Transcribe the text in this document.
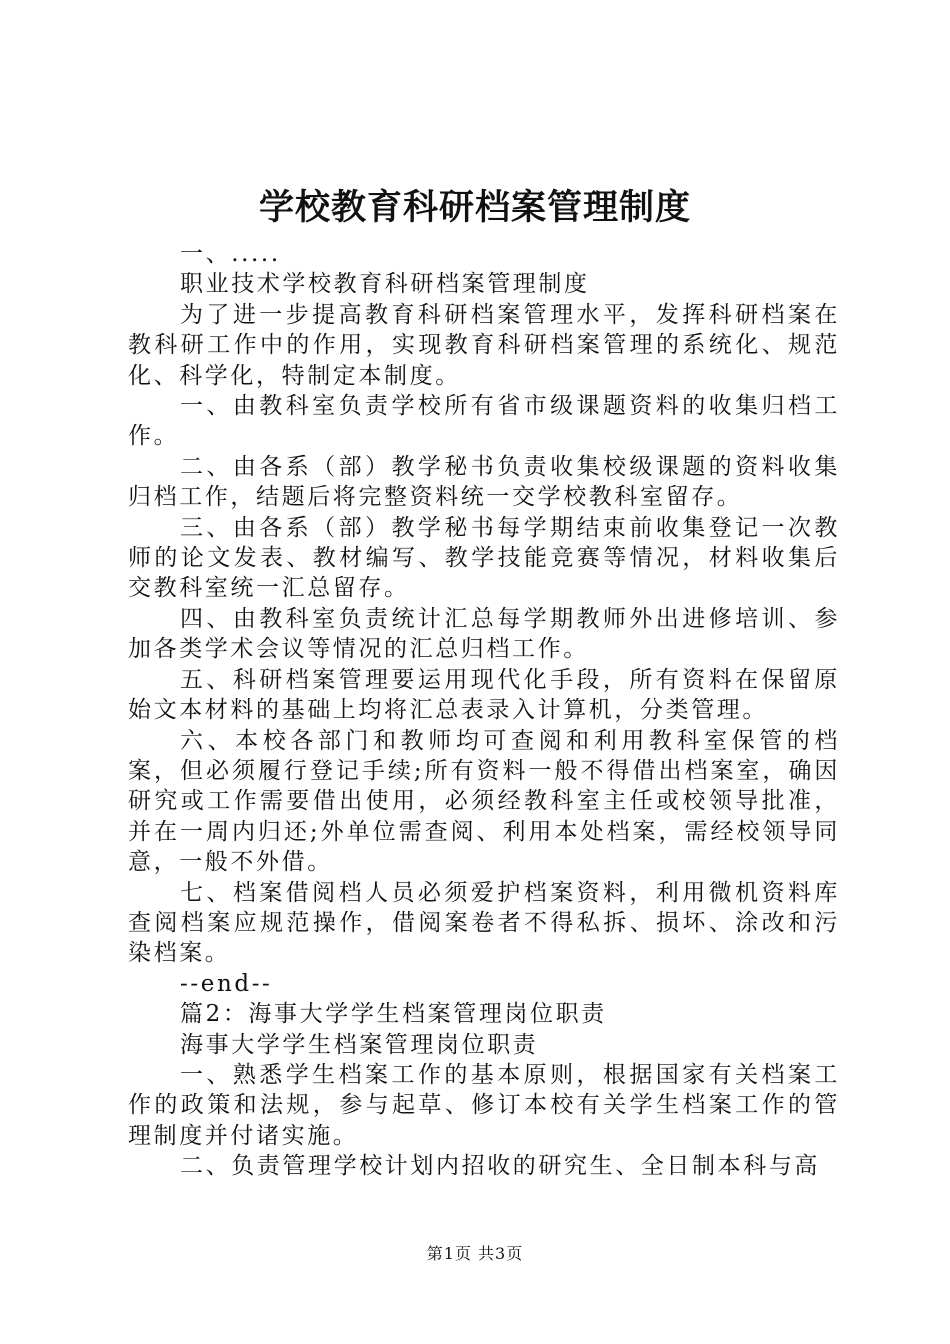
学校教育科研档案管理制度

一、.....

职业技术学校教育科研档案管理制度

为了进一步提高教育科研档案管理水平，发挥科研档案在教科研工作中的作用，实现教育科研档案管理的系统化、规范化、科学化，特制定本制度。

一、由教科室负责学校所有省市级课题资料的收集归档工作。

二、由各系（部）教学秘书负责收集校级课题的资料收集归档工作，结题后将完整资料统一交学校教科室留存。

三、由各系（部）教学秘书每学期结束前收集登记一次教师的论文发表、教材编写、教学技能竞赛等情况，材料收集后交教科室统一汇总留存。

四、由教科室负责统计汇总每学期教师外出进修培训、参加各类学术会议等情况的汇总归档工作。

五、科研档案管理要运用现代化手段，所有资料在保留原始文本材料的基础上均将汇总表录入计算机，分类管理。

六、本校各部门和教师均可查阅和利用教科室保管的档案，但必须履行登记手续;所有资料一般不得借出档案室，确因研究或工作需要借出使用，必须经教科室主任或校领导批准，并在一周内归还;外单位需查阅、利用本处档案，需经校领导同意，一般不外借。

七、档案借阅档人员必须爱护档案资料，利用微机资料库查阅档案应规范操作，借阅案卷者不得私拆、损坏、涂改和污染档案。

--end--

篇2：海事大学学生档案管理岗位职责

海事大学学生档案管理岗位职责

一、熟悉学生档案工作的基本原则，根据国家有关档案工作的政策和法规，参与起草、修订本校有关学生档案工作的管理制度并付诸实施。

二、负责管理学校计划内招收的研究生、全日制本科与高

第1页 共3页
